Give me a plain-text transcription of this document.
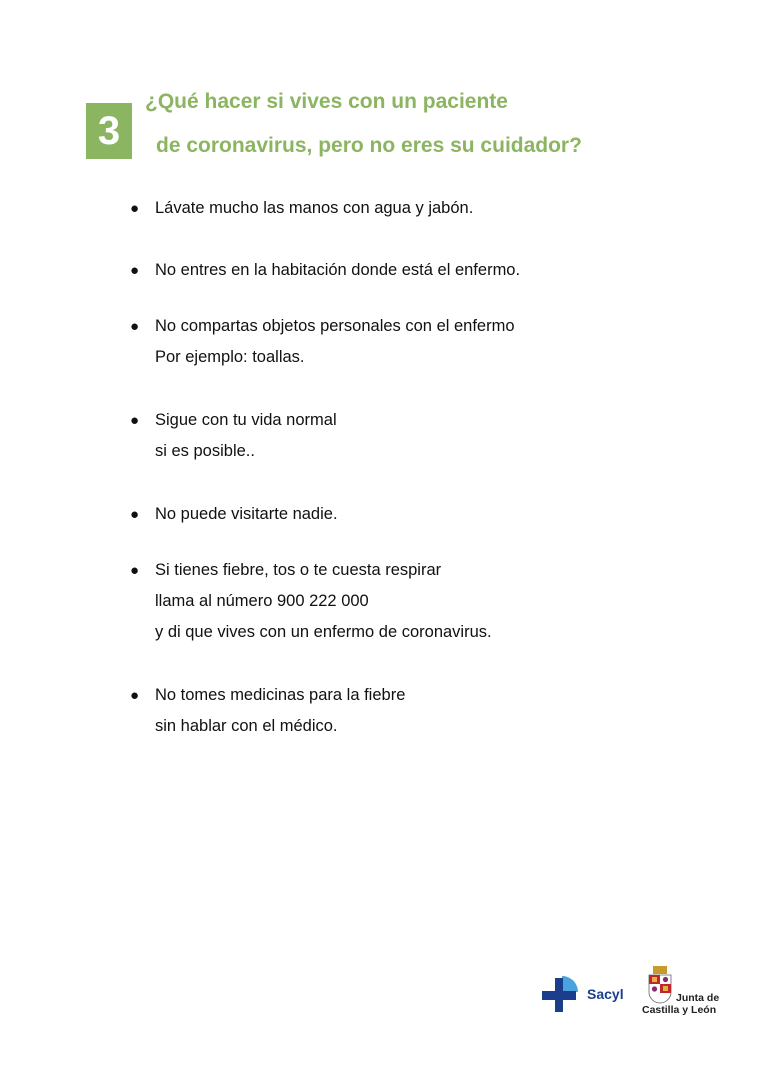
3
¿Qué hacer si vives con un paciente
de coronavirus, pero no eres su cuidador?
● Lávate mucho las manos con agua y jabón.
● No entres en la habitación donde está el enfermo.
● No compartas objetos personales con el enfermo
Por ejemplo: toallas.
● Sigue con tu vida normal
si es posible..
● No puede visitarte nadie.
● Si tienes fiebre, tos o te cuesta respirar
llama al número 900 222 000
y di que vives con un enfermo de coronavirus.
● No tomes medicinas para la fiebre
sin hablar con el médico.
Sacyl	Junta de
Castilla y León
